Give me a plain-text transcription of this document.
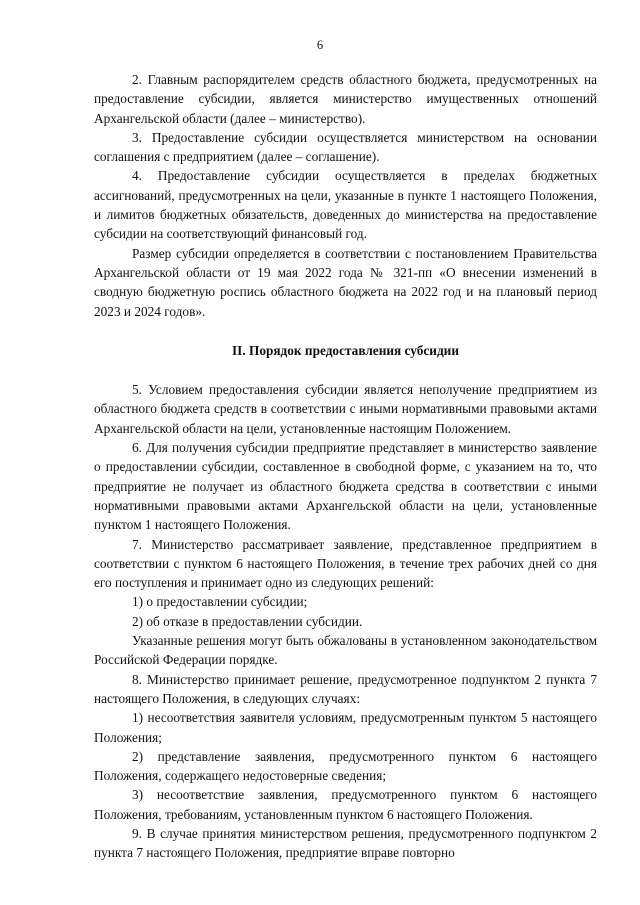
6

2. Главным распорядителем средств областного бюджета, предусмотренных на предоставление субсидии, является министерство имущественных отношений Архангельской области (далее – министерство).

3. Предоставление субсидии осуществляется министерством на основании соглашения с предприятием (далее – соглашение).

4. Предоставление субсидии осуществляется в пределах бюджетных ассигнований, предусмотренных на цели, указанные в пункте 1 настоящего Положения, и лимитов бюджетных обязательств, доведенных до министерства на предоставление субсидии на соответствующий финансовый год.

Размер субсидии определяется в соответствии с постановлением Правительства Архангельской области от 19 мая 2022 года № 321-пп «О внесении изменений в сводную бюджетную роспись областного бюджета на 2022 год и на плановый период 2023 и 2024 годов».

II. Порядок предоставления субсидии

5. Условием предоставления субсидии является неполучение предприятием из областного бюджета средств в соответствии с иными нормативными правовыми актами Архангельской области на цели, установленные настоящим Положением.

6. Для получения субсидии предприятие представляет в министерство заявление о предоставлении субсидии, составленное в свободной форме, с указанием на то, что предприятие не получает из областного бюджета средства в соответствии с иными нормативными правовыми актами Архангельской области на цели, установленные пунктом 1 настоящего Положения.

7. Министерство рассматривает заявление, представленное предприятием в соответствии с пунктом 6 настоящего Положения, в течение трех рабочих дней со дня его поступления и принимает одно из следующих решений:

1) о предоставлении субсидии;

2) об отказе в предоставлении субсидии.

Указанные решения могут быть обжалованы в установленном законодательством Российской Федерации порядке.

8. Министерство принимает решение, предусмотренное подпунктом 2 пункта 7 настоящего Положения, в следующих случаях:

1) несоответствия заявителя условиям, предусмотренным пунктом 5 настоящего Положения;

2) представление заявления, предусмотренного пунктом 6 настоящего Положения, содержащего недостоверные сведения;

3) несоответствие заявления, предусмотренного пунктом 6 настоящего Положения, требованиям, установленным пунктом 6 настоящего Положения.

9. В случае принятия министерством решения, предусмотренного подпунктом 2 пункта 7 настоящего Положения, предприятие вправе повторно
